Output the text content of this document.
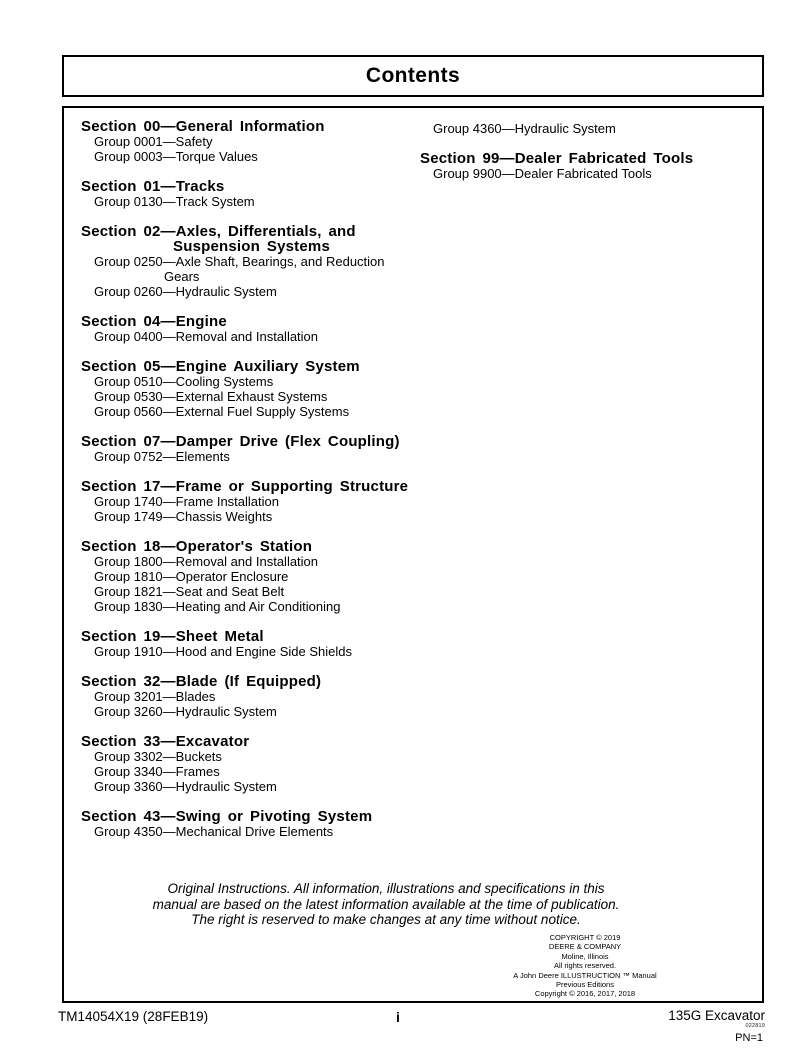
Contents
Section 00—General Information
Group 0001—Safety
Group 0003—Torque Values
Section 01—Tracks
Group 0130—Track System
Section 02—Axles, Differentials, and
Suspension Systems
Group 0250—Axle Shaft, Bearings, and Reduction
Gears
Group 0260—Hydraulic System
Section 04—Engine
Group 0400—Removal and Installation
Section 05—Engine Auxiliary System
Group 0510—Cooling Systems
Group 0530—External Exhaust Systems
Group 0560—External Fuel Supply Systems
Section 07—Damper Drive (Flex Coupling)
Group 0752—Elements
Section 17—Frame or Supporting Structure
Group 1740—Frame Installation
Group 1749—Chassis Weights
Section 18—Operator's Station
Group 1800—Removal and Installation
Group 1810—Operator Enclosure
Group 1821—Seat and Seat Belt
Group 1830—Heating and Air Conditioning
Section 19—Sheet Metal
Group 1910—Hood and Engine Side Shields
Section 32—Blade (If Equipped)
Group 3201—Blades
Group 3260—Hydraulic System
Section 33—Excavator
Group 3302—Buckets
Group 3340—Frames
Group 3360—Hydraulic System
Section 43—Swing or Pivoting System
Group 4350—Mechanical Drive Elements
Group 4360—Hydraulic System
Section 99—Dealer Fabricated Tools
Group 9900—Dealer Fabricated Tools
Original Instructions. All information, illustrations and specifications in this
manual are based on the latest information available at the time of publication.
The right is reserved to make changes at any time without notice.
COPYRIGHT © 2019
DEERE & COMPANY
Moline, Illinois
All rights reserved.
A John Deere ILLUSTRUCTION ™ Manual
Previous Editions
Copyright © 2016, 2017, 2018
TM14054X19 (28FEB19)	i	135G Excavator
022819
PN=1
